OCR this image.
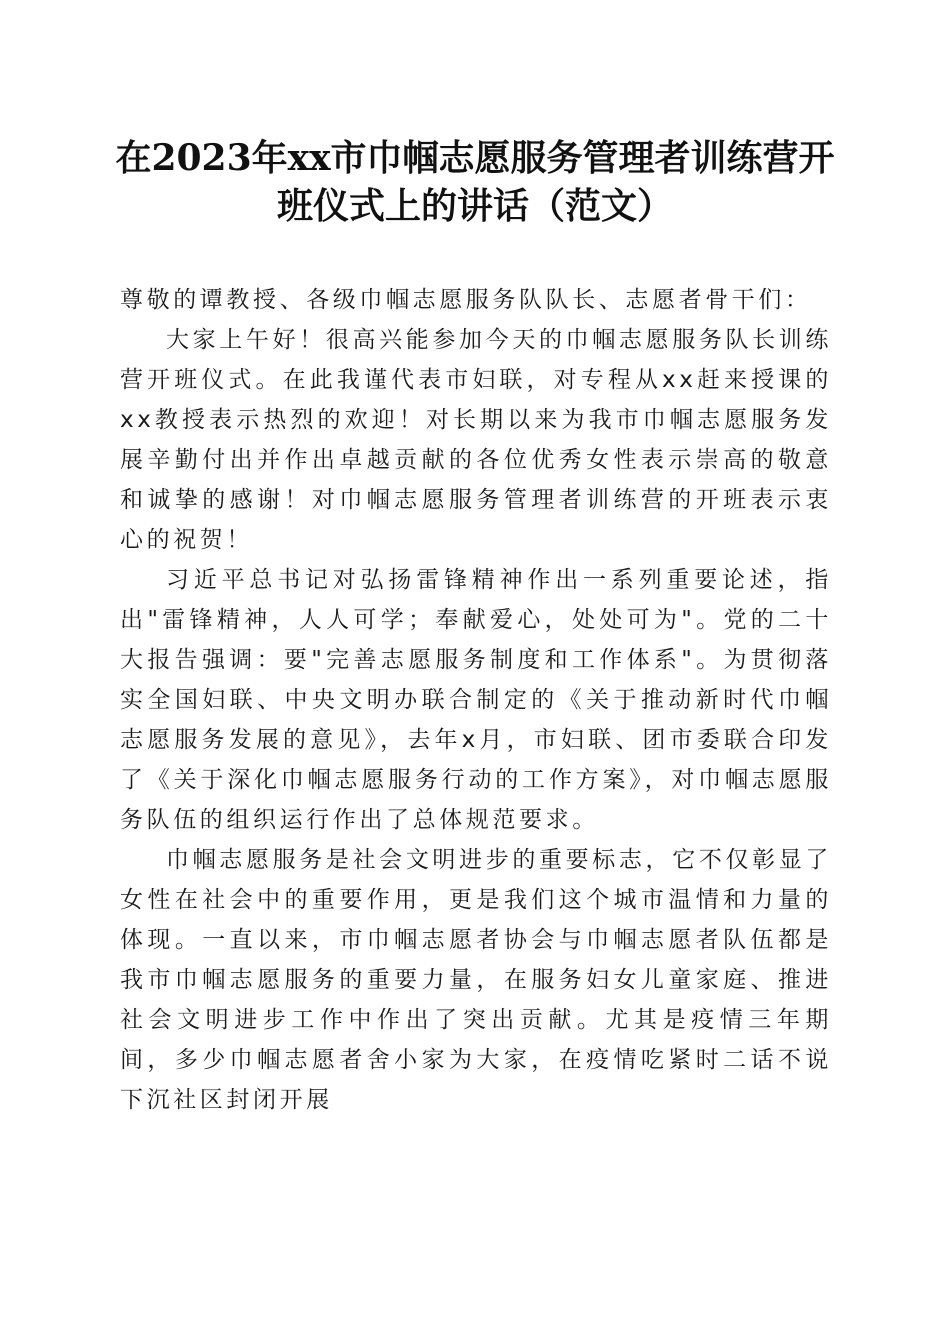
在2023年xx市巾帼志愿服务管理者训练营开
班仪式上的讲话（范文）

尊敬的谭教授、各级巾帼志愿服务队队长、志愿者骨干们：

大家上午好！很高兴能参加今天的巾帼志愿服务队长训练营开班仪式。在此我谨代表市妇联，对专程从xx赶来授课的xx教授表示热烈的欢迎！对长期以来为我市巾帼志愿服务发展辛勤付出并作出卓越贡献的各位优秀女性表示崇高的敬意和诚挚的感谢！对巾帼志愿服务管理者训练营的开班表示衷心的祝贺！

习近平总书记对弘扬雷锋精神作出一系列重要论述，指出"雷锋精神，人人可学；奉献爱心，处处可为"。党的二十大报告强调：要"完善志愿服务制度和工作体系"。为贯彻落实全国妇联、中央文明办联合制定的《关于推动新时代巾帼志愿服务发展的意见》，去年x月，市妇联、团市委联合印发了《关于深化巾帼志愿服务行动的工作方案》，对巾帼志愿服务队伍的组织运行作出了总体规范要求。

巾帼志愿服务是社会文明进步的重要标志，它不仅彰显了女性在社会中的重要作用，更是我们这个城市温情和力量的体现。一直以来，市巾帼志愿者协会与巾帼志愿者队伍都是我市巾帼志愿服务的重要力量，在服务妇女儿童家庭、推进社会文明进步工作中作出了突出贡献。尤其是疫情三年期间，多少巾帼志愿者舍小家为大家，在疫情吃紧时二话不说下沉社区封闭开展
